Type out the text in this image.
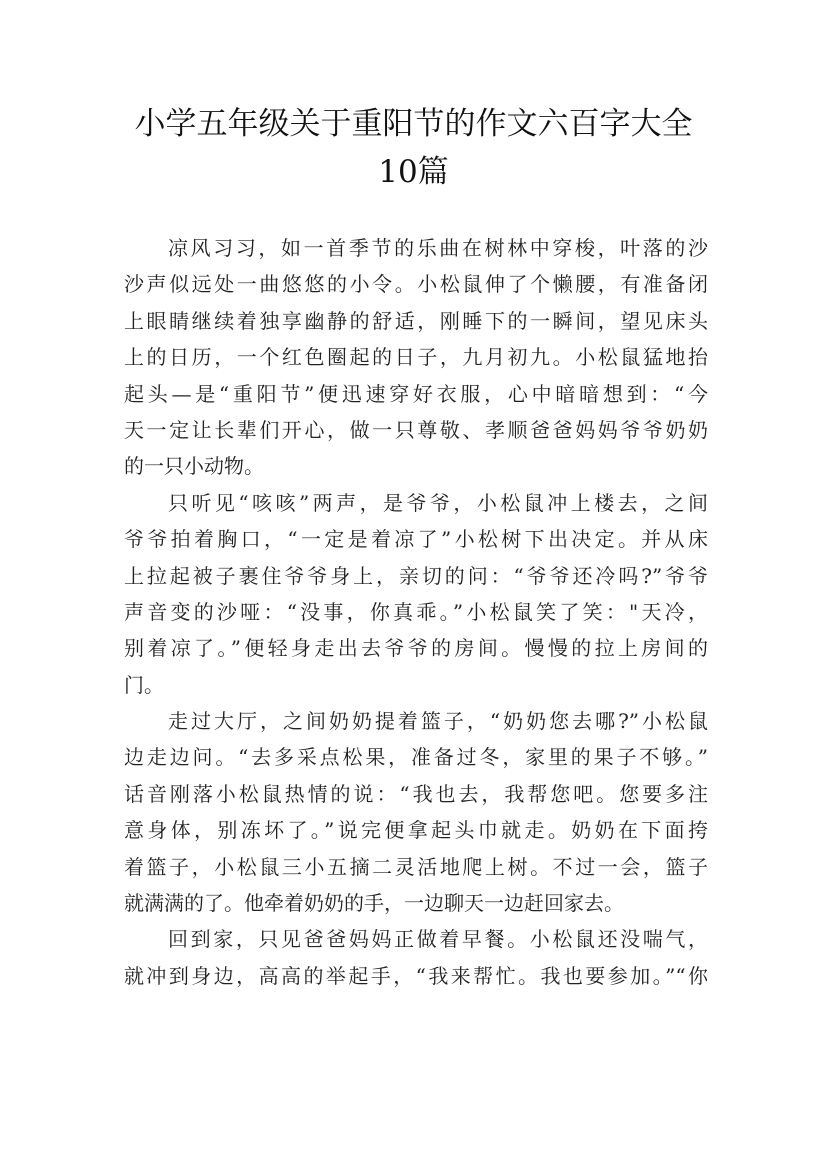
小学五年级关于重阳节的作文六百字大全
10篇
凉风习习，如一首季节的乐曲在树林中穿梭，叶落的沙
沙声似远处一曲悠悠的小令。小松鼠伸了个懒腰，有准备闭
上眼睛继续着独享幽静的舒适，刚睡下的一瞬间，望见床头
上的日历，一个红色圈起的日子，九月初九。小松鼠猛地抬
起头—是“重阳节”便迅速穿好衣服，心中暗暗想到：“今
天一定让长辈们开心，做一只尊敬、孝顺爸爸妈妈爷爷奶奶
的一只小动物。
只听见“咳咳”两声，是爷爷，小松鼠冲上楼去，之间
爷爷拍着胸口，“一定是着凉了”小松树下出决定。并从床
上拉起被子裹住爷爷身上，亲切的问：“爷爷还冷吗?”爷爷
声音变的沙哑：“没事，你真乖。”小松鼠笑了笑："天冷，
别着凉了。”便轻身走出去爷爷的房间。慢慢的拉上房间的
门。
走过大厅，之间奶奶提着篮子，“奶奶您去哪?”小松鼠
边走边问。“去多采点松果，准备过冬，家里的果子不够。”
话音刚落小松鼠热情的说：“我也去，我帮您吧。您要多注
意身体，别冻坏了。”说完便拿起头巾就走。奶奶在下面挎
着篮子，小松鼠三小五摘二灵活地爬上树。不过一会，篮子
就满满的了。他牵着奶奶的手，一边聊天一边赶回家去。
回到家，只见爸爸妈妈正做着早餐。小松鼠还没喘气，
就冲到身边，高高的举起手，“我来帮忙。我也要参加。”“你
